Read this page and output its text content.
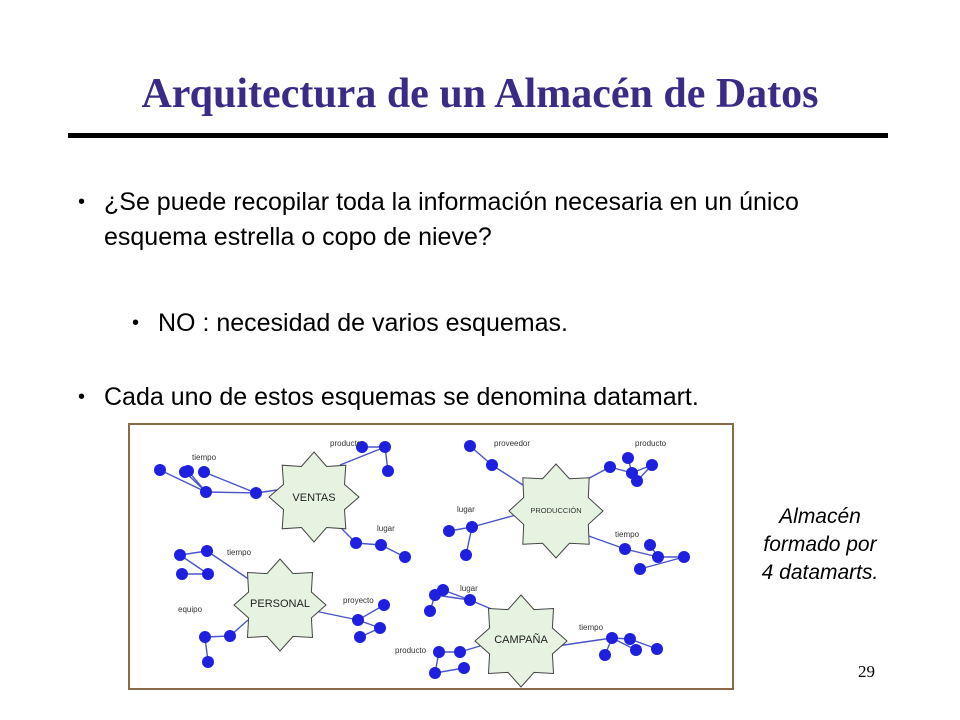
Arquitectura de un Almacén de Datos
• ¿Se puede recopilar toda la información necesaria en un único esquema estrella o copo de nieve?
• NO : necesidad de varios esquemas.
• Cada uno de estos esquemas se denomina datamart.
VENTAS
PRODUCCIÓN
PERSONAL
CAMPAÑA
tiempo
producto
lugar
proveedor	producto
lugar
tiempo
tiempo
equipo
proyecto
lugar
producto
tiempo
Almacén
formado por
4 datamarts.
29
